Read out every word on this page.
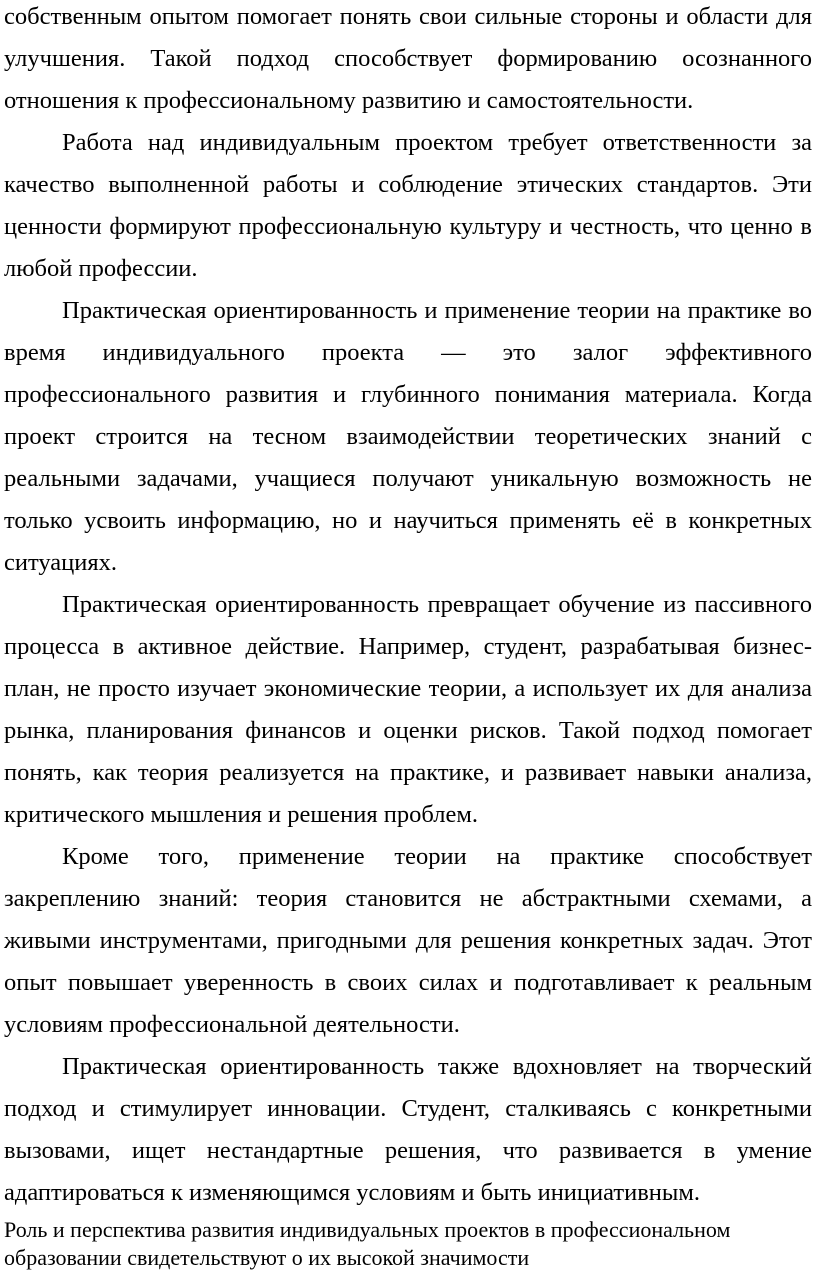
собственным опытом помогает понять свои сильные стороны и области для улучшения. Такой подход способствует формированию осознанного отношения к профессиональному развитию и самостоятельности.

Работа над индивидуальным проектом требует ответственности за качество выполненной работы и соблюдение этических стандартов. Эти ценности формируют профессиональную культуру и честность, что ценно в любой профессии.

Практическая ориентированность и применение теории на практике во время индивидуального проекта — это залог эффективного профессионального развития и глубинного понимания материала. Когда проект строится на тесном взаимодействии теоретических знаний с реальными задачами, учащиеся получают уникальную возможность не только усвоить информацию, но и научиться применять её в конкретных ситуациях.

Практическая ориентированность превращает обучение из пассивного процесса в активное действие. Например, студент, разрабатывая бизнес-план, не просто изучает экономические теории, а использует их для анализа рынка, планирования финансов и оценки рисков. Такой подход помогает понять, как теория реализуется на практике, и развивает навыки анализа, критического мышления и решения проблем.

Кроме того, применение теории на практике способствует закреплению знаний: теория становится не абстрактными схемами, а живыми инструментами, пригодными для решения конкретных задач. Этот опыт повышает уверенность в своих силах и подготавливает к реальным условиям профессиональной деятельности.

Практическая ориентированность также вдохновляет на творческий подход и стимулирует инновации. Студент, сталкиваясь с конкретными вызовами, ищет нестандартные решения, что развивается в умение адаптироваться к изменяющимся условиям и быть инициативным.

Роль и перспектива развития индивидуальных проектов в профессиональном образовании свидетельствуют о их высокой значимости
